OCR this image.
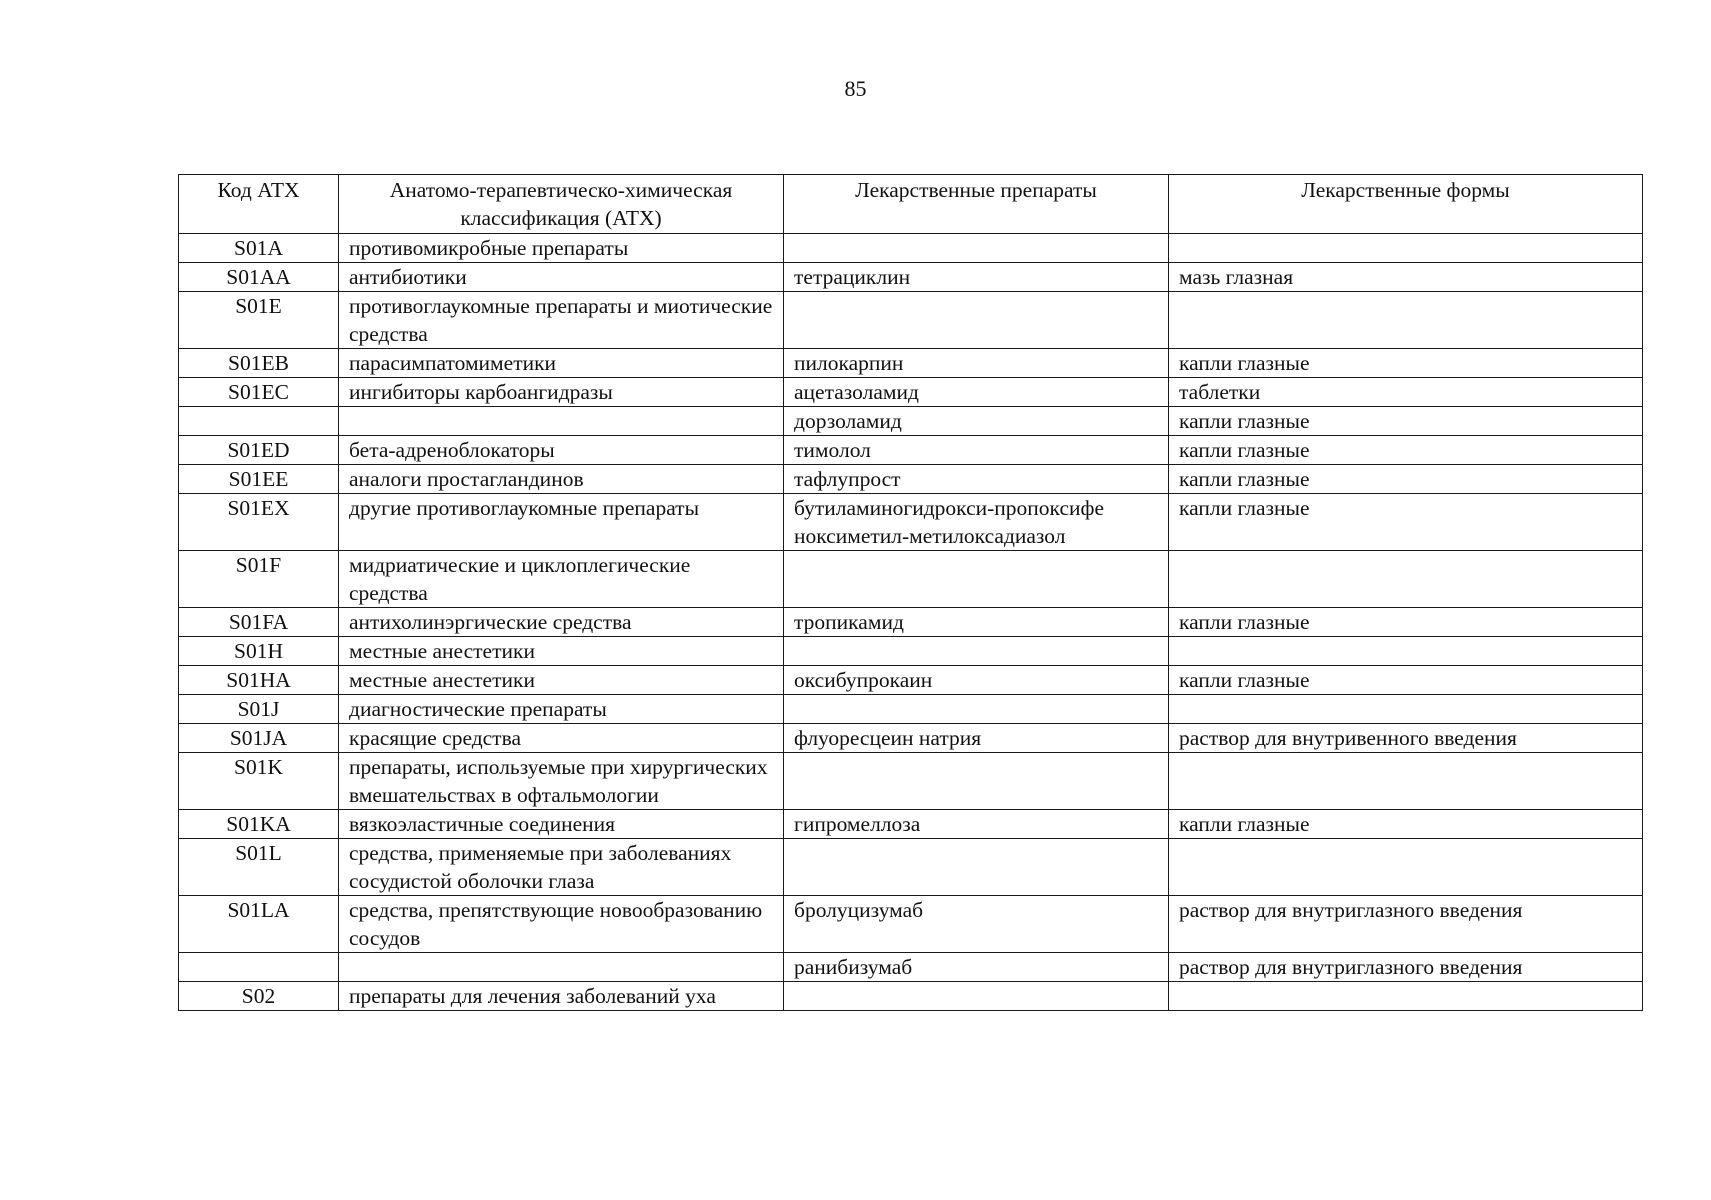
85
Код АТХ	Анатомо-терапевтическо-химическая классификация (АТХ)	Лекарственные препараты	Лекарственные формы
S01A	противомикробные препараты		
S01AA	антибиотики	тетрациклин	мазь глазная
S01E	противоглаукомные препараты и миотические средства		
S01EB	парасимпатомиметики	пилокарпин	капли глазные
S01EC	ингибиторы карбоангидразы	ацетазоламид	таблетки
		дорзоламид	капли глазные
S01ED	бета-адреноблокаторы	тимолол	капли глазные
S01EE	аналоги простагландинов	тафлупрост	капли глазные
S01EX	другие противоглаукомные препараты	бутиламиногидрокси-пропоксифе ноксиметил-метилоксадиазол	капли глазные
S01F	мидриатические и циклоплегические средства		
S01FA	антихолинэргические средства	тропикамид	капли глазные
S01H	местные анестетики		
S01HA	местные анестетики	оксибупрокаин	капли глазные
S01J	диагностические препараты		
S01JA	красящие средства	флуоресцеин натрия	раствор для внутривенного введения
S01K	препараты, используемые при хирургических вмешательствах в офтальмологии		
S01KA	вязкоэластичные соединения	гипромеллоза	капли глазные
S01L	средства, применяемые при заболеваниях сосудистой оболочки глаза		
S01LA	средства, препятствующие новообразованию сосудов	бролуцизумаб	раствор для внутриглазного введения
		ранибизумаб	раствор для внутриглазного введения
S02	препараты для лечения заболеваний уха		
